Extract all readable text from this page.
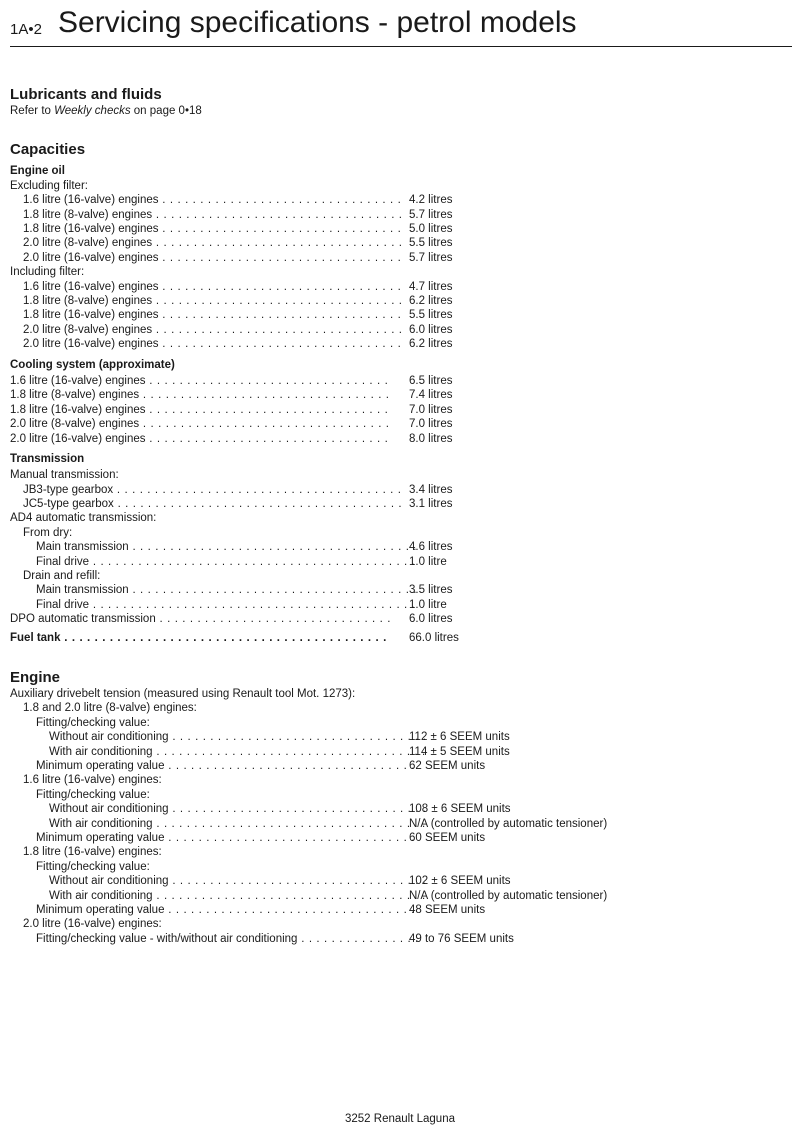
1A•2 Servicing specifications - petrol models
Lubricants and fluids
Refer to Weekly checks on page 0•18
Capacities
Engine oil
Excluding filter:
1.6 litre (16-valve) engines . . .	4.2 litres
1.8 litre (8-valve) engines . . .	5.7 litres
1.8 litre (16-valve) engines . . .	5.0 litres
2.0 litre (8-valve) engines . . .	5.5 litres
2.0 litre (16-valve) engines . . .	5.7 litres
Including filter:
1.6 litre (16-valve) engines . . .	4.7 litres
1.8 litre (8-valve) engines . . .	6.2 litres
1.8 litre (16-valve) engines . . .	5.5 litres
2.0 litre (8-valve) engines . . .	6.0 litres
2.0 litre (16-valve) engines . . .	6.2 litres
Cooling system (approximate)
1.6 litre (16-valve) engines . . .	6.5 litres
1.8 litre (8-valve) engines . . .	7.4 litres
1.8 litre (16-valve) engines . . .	7.0 litres
2.0 litre (8-valve) engines . . .	7.0 litres
2.0 litre (16-valve) engines . . .	8.0 litres
Transmission
Manual transmission:
JB3-type gearbox . . .	3.4 litres
JC5-type gearbox . . .	3.1 litres
AD4 automatic transmission:
From dry:
Main transmission . . .	4.6 litres
Final drive . . .	1.0 litre
Drain and refill:
Main transmission . . .	3.5 litres
Final drive . . .	1.0 litre
DPO automatic transmission . . .	6.0 litres
Fuel tank . . .	66.0 litres
Engine
Auxiliary drivebelt tension (measured using Renault tool Mot. 1273):
1.8 and 2.0 litre (8-valve) engines:
Fitting/checking value:
Without air conditioning . . .	112 ± 6 SEEM units
With air conditioning . . .	114 ± 5 SEEM units
Minimum operating value . . .	62 SEEM units
1.6 litre (16-valve) engines:
Fitting/checking value:
Without air conditioning . . .	108 ± 6 SEEM units
With air conditioning . . .	N/A (controlled by automatic tensioner)
Minimum operating value . . .	60 SEEM units
1.8 litre (16-valve) engines:
Fitting/checking value:
Without air conditioning . . .	102 ± 6 SEEM units
With air conditioning . . .	N/A (controlled by automatic tensioner)
Minimum operating value . . .	48 SEEM units
2.0 litre (16-valve) engines:
Fitting/checking value - with/without air conditioning . . .	49 to 76 SEEM units
3252 Renault Laguna
